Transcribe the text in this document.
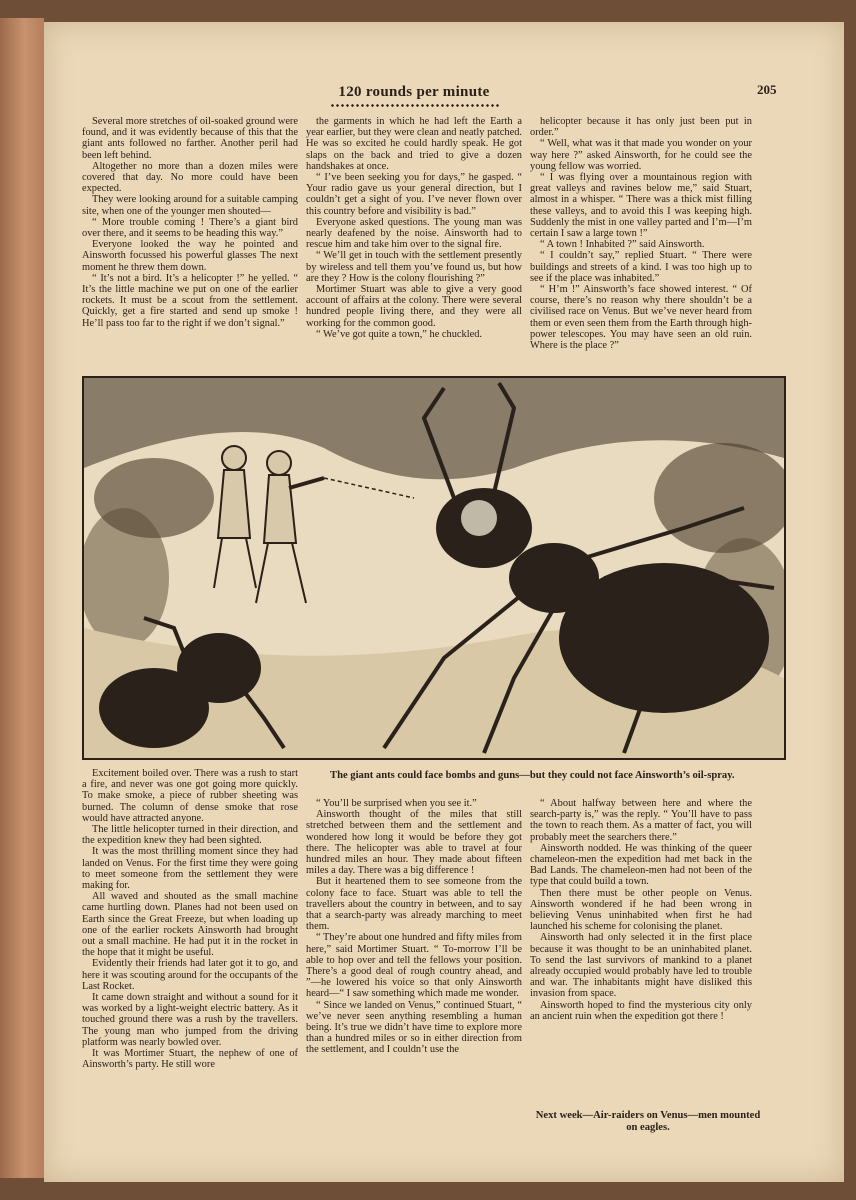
120 rounds per minute	205

Several more stretches of oil-soaked ground were found, and it was evidently because of this that the giant ants followed no farther. Another peril had been left behind.

Altogether no more than a dozen miles were covered that day. No more could have been expected.

They were looking around for a suitable camping site, when one of the younger men shouted—

“ More trouble coming ! There’s a giant bird over there, and it seems to be heading this way.”

Everyone looked the way he pointed and Ainsworth focussed his powerful glasses The next moment he threw them down.

“ It’s not a bird. It’s a helicopter !” he yelled. “ It’s the little machine we put on one of the earlier rockets. It must be a scout from the settlement. Quickly, get a fire started and send up smoke ! He’ll pass too far to the right if we don’t signal.”

the garments in which he had left the Earth a year earlier, but they were clean and neatly patched. He was so excited he could hardly speak. He got slaps on the back and tried to give a dozen handshakes at once.

“ I’ve been seeking you for days,” he gasped. “ Your radio gave us your general direction, but I couldn’t get a sight of you. I’ve never flown over this country before and visibility is bad.”

Everyone asked questions. The young man was nearly deafened by the noise. Ainsworth had to rescue him and take him over to the signal fire.

“ We’ll get in touch with the settlement presently by wireless and tell them you’ve found us, but how are they ? How is the colony flourishing ?”

Mortimer Stuart was able to give a very good account of affairs at the colony. There were several hundred people living there, and they were all working for the common good.

“ We’ve got quite a town,” he chuckled.

helicopter because it has only just been put in order.”

“ Well, what was it that made you wonder on your way here ?” asked Ainsworth, for he could see the young fellow was worried.

“ I was flying over a mountainous region with great valleys and ravines below me,” said Stuart, almost in a whisper. “ There was a thick mist filling these valleys, and to avoid this I was keeping high. Suddenly the mist in one valley parted and I’m—I’m certain I saw a large town !”

“ A town ! Inhabited ?” said Ainsworth.

“ I couldn’t say,” replied Stuart. “ There were buildings and streets of a kind. I was too high up to see if the place was inhabited.”

“ H’m !” Ainsworth’s face showed interest. “ Of course, there’s no reason why there shouldn’t be a civilised race on Venus. But we’ve never heard from them or even seen them from the Earth through high-power telescopes. You may have seen an old ruin. Where is the place ?”

The giant ants could face bombs and guns—but they could not face Ainsworth’s oil-spray.

Excitement boiled over. There was a rush to start a fire, and never was one got going more quickly. To make smoke, a piece of rubber sheeting was burned. The column of dense smoke that rose would have attracted anyone.

The little helicopter turned in their direction, and the expedition knew they had been sighted.

It was the most thrilling moment since they had landed on Venus. For the first time they were going to meet someone from the settlement they were making for.

All waved and shouted as the small machine came hurtling down. Planes had not been used on Earth since the Great Freeze, but when loading up one of the earlier rockets Ainsworth had brought out a small machine. He had put it in the rocket in the hope that it might be useful.

Evidently their friends had later got it to go, and here it was scouting around for the occupants of the Last Rocket.

It came down straight and without a sound for it was worked by a light-weight electric battery. As it touched ground there was a rush by the travellers. The young man who jumped from the driving platform was nearly bowled over.

It was Mortimer Stuart, the nephew of one of Ainsworth’s party. He still wore

“ You’ll be surprised when you see it.”

Ainsworth thought of the miles that still stretched between them and the settlement and wondered how long it would be before they got there. The helicopter was able to travel at four hundred miles an hour. They made about fifteen miles a day. There was a big difference !

But it heartened them to see someone from the colony face to face. Stuart was able to tell the travellers about the country in between, and to say that a search-party was already marching to meet them.

“ They’re about one hundred and fifty miles from here,” said Mortimer Stuart. “ To-morrow I’ll be able to hop over and tell the fellows your position. There’s a good deal of rough country ahead, and ”—he lowered his voice so that only Ainsworth heard—“ I saw something which made me wonder.

“ Since we landed on Venus,” continued Stuart, “ we’ve never seen anything resembling a human being. It’s true we didn’t have time to explore more than a hundred miles or so in either direction from the settlement, and I couldn’t use the

“ About halfway between here and where the search-party is,” was the reply. “ You’ll have to pass the town to reach them. As a matter of fact, you will probably meet the searchers there.”

Ainsworth nodded. He was thinking of the queer chameleon-men the expedition had met back in the Bad Lands. The chameleon-men had not been of the type that could build a town.

Then there must be other people on Venus. Ainsworth wondered if he had been wrong in believing Venus uninhabited when first he had launched his scheme for colonising the planet.

Ainsworth had only selected it in the first place because it was thought to be an uninhabited planet. To send the last survivors of mankind to a planet already occupied would probably have led to trouble and war. The inhabitants might have disliked this invasion from space.

Ainsworth hoped to find the mysterious city only an ancient ruin when the expedition got there !

Next week—Air-raiders on Venus—men mounted on eagles.
